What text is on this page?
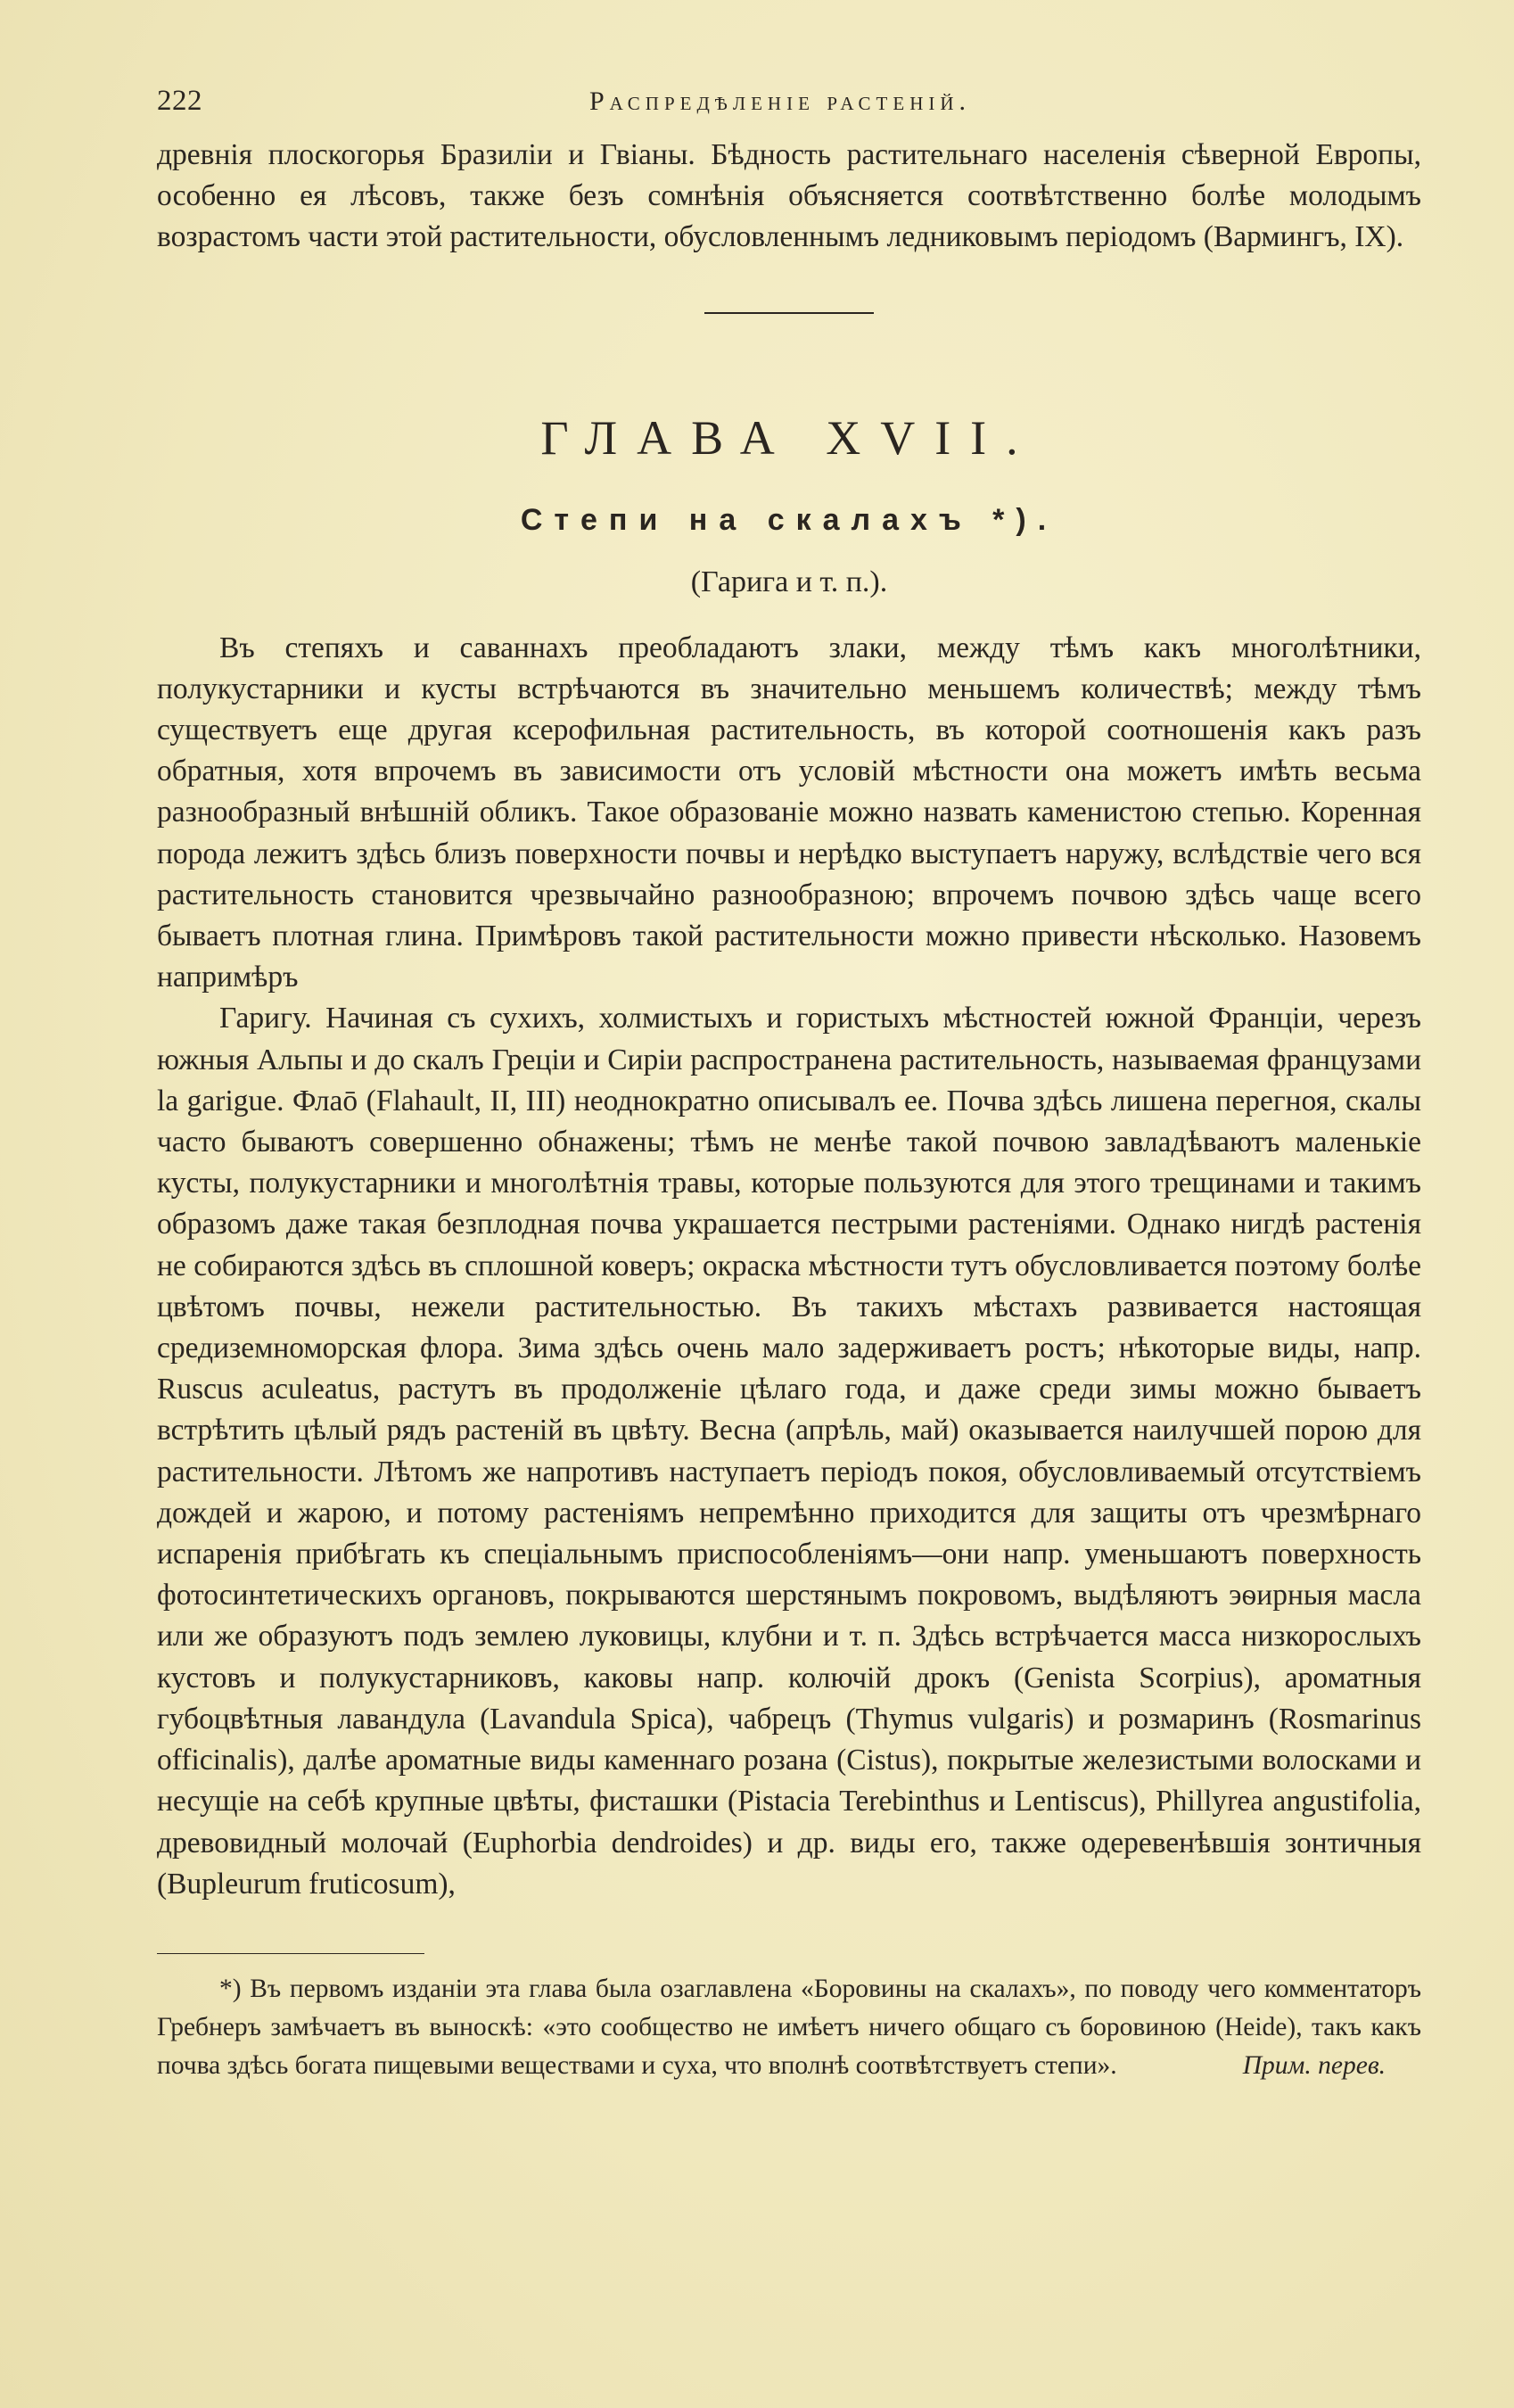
222	Распредѣленіе растеній.

древнія плоскогорья Бразиліи и Гвіаны. Бѣдность растительнаго населенія сѣверной Европы, особенно ея лѣсовъ, также безъ сомнѣнія объясняется соотвѣтственно болѣе молодымъ возрастомъ части этой растительности, обусловленнымъ ледниковымъ періодомъ (Вармингъ, IX).

ГЛАВА XVII.
Степи на скалахъ *).
(Гарига и т. п.).

Въ степяхъ и саваннахъ преобладаютъ злаки, между тѣмъ какъ многолѣтники, полукустарники и кусты встрѣчаются въ значительно меньшемъ количествѣ; между тѣмъ существуетъ еще другая ксерофильная растительность, въ которой соотношенія какъ разъ обратныя, хотя впрочемъ въ зависимости отъ условій мѣстности она можетъ имѣть весьма разнообразный внѣшній обликъ. Такое образованіе можно назвать каменистою степью. Коренная порода лежитъ здѣсь близъ поверхности почвы и нерѣдко выступаетъ наружу, вслѣдствіе чего вся растительность становится чрезвычайно разнообразною; впрочемъ почвою здѣсь чаще всего бываетъ плотная глина. Примѣровъ такой растительности можно привести нѣсколько. Назовемъ напримѣръ

Гаригу. Начиная съ сухихъ, холмистыхъ и гористыхъ мѣстностей южной Франціи, черезъ южныя Альпы и до скалъ Греціи и Сиріи распространена растительность, называемая французами la garigue. Флаō (Flahault, II, III) неоднократно описывалъ ее. Почва здѣсь лишена перегноя, скалы часто бываютъ совершенно обнажены; тѣмъ не менѣе такой почвою завладѣваютъ маленькіе кусты, полукустарники и многолѣтнія травы, которые пользуются для этого трещинами и такимъ образомъ даже такая безплодная почва украшается пестрыми растеніями. Однако нигдѣ растенія не собираются здѣсь въ сплошной коверъ; окраска мѣстности тутъ обусловливается поэтому болѣе цвѣтомъ почвы, нежели растительностью. Въ такихъ мѣстахъ развивается настоящая средиземноморская флора. Зима здѣсь очень мало задерживаетъ ростъ; нѣкоторые виды, напр. Ruscus aculeatus, растутъ въ продолженіе цѣлаго года, и даже среди зимы можно бываетъ встрѣтить цѣлый рядъ растеній въ цвѣту. Весна (апрѣль, май) оказывается наилучшей порою для растительности. Лѣтомъ же напротивъ наступаетъ періодъ покоя, обусловливаемый отсутствіемъ дождей и жарою, и потому растеніямъ непремѣнно приходится для защиты отъ чрезмѣрнаго испаренія прибѣгать къ спеціальнымъ приспособленіямъ—они напр. уменьшаютъ поверхность фотосинтетическихъ органовъ, покрываются шерстянымъ покровомъ, выдѣляютъ эѳирныя масла или же образуютъ подъ землею луковицы, клубни и т. п. Здѣсь встрѣчается масса низкорослыхъ кустовъ и полукустарниковъ, каковы напр. колючій дрокъ (Genista Scorpius), ароматныя губоцвѣтныя лавандула (Lavandula Spica), чабрецъ (Thymus vulgaris) и розмаринъ (Rosmarinus officinalis), далѣе ароматные виды каменнаго розана (Cistus), покрытые железистыми волосками и несущіе на себѣ крупные цвѣты, фисташки (Pistacia Terebinthus и Lentiscus), Phillyrea angustifolia, древовидный молочай (Euphorbia dendroides) и др. виды его, также одеревенѣвшія зонтичныя (Bupleurum fruticosum),

*) Въ первомъ изданіи эта глава была озаглавлена «Боровины на скалахъ», по поводу чего комментаторъ Гребнеръ замѣчаетъ въ выноскѣ: «это сообщество не имѣетъ ничего общаго съ боровиною (Heide), такъ какъ почва здѣсь богата пищевыми веществами и суха, что вполнѣ соотвѣтствуетъ степи».	Прим. перев.
